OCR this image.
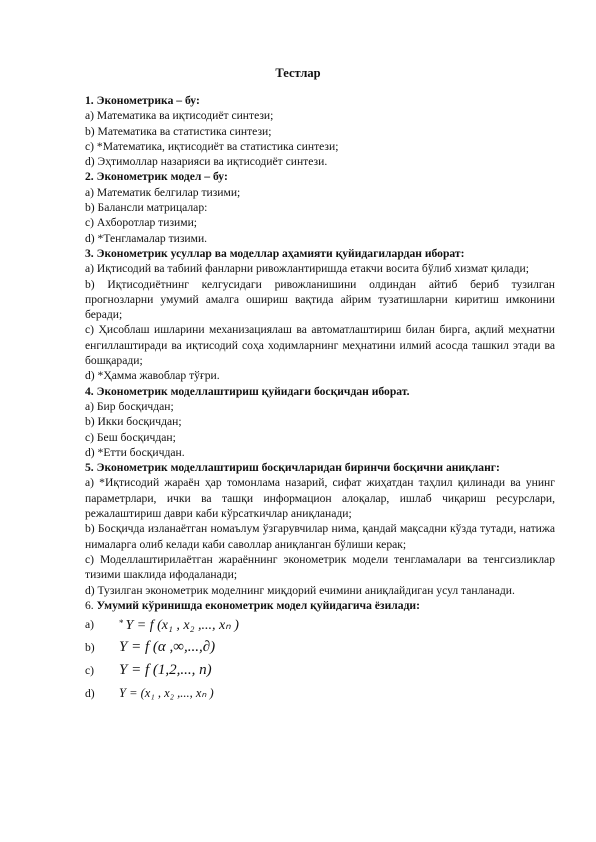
Тестлар
1. Эконометрика – бу:
a) Математика ва иқтисодиёт синтези;
b) Математика ва статистика синтези;
c) *Математика, иқтисодиёт ва статистика синтези;
d) Эҳтимоллар назарияси ва иқтисодиёт синтези.
2. Эконометрик модел – бу:
a) Математик белгилар тизими;
b) Балансли матрицалар:
c) Ахборотлар тизими;
d) *Тенгламалар тизими.
3. Эконометрик усуллар ва моделлар аҳамияти қуйидагилардан иборат:
a) Иқтисодий ва табиий фанларни ривожлантиришда етакчи восита бўлиб хизмат қилади;
b) Иқтисодиётнинг келгусидаги ривожланишини олдиндан айтиб бериб тузилган прогнозларни умумий амалга ошириш вақтида айрим тузатишларни киритиш имконини беради;
c) Ҳисоблаш ишларини механизациялаш ва автоматлаштириш билан бирга, ақлий меҳнатни енгиллаштиради ва иқтисодий соҳа ходимларнинг меҳнатини илмий асосда ташкил этади ва бошқаради;
d) *Ҳамма жавоблар тўғри.
4. Эконометрик моделлаштириш қуйидаги босқичдан иборат.
a) Бир босқичдан;
b) Икки босқичдан;
c) Беш босқичдан;
d) *Етти босқичдан.
5. Эконометрик моделлаштириш босқичларидан биринчи босқични аниқланг:
a) *Иқтисодий жараён ҳар томонлама назарий, сифат жиҳатдан таҳлил қилинади ва унинг параметрлари, ички ва ташқи информацион алоқалар, ишлаб чиқариш ресурслари, режалаштириш даври каби кўрсаткичлар аниқланади;
b) Босқичда изланаётган номаълум ўзгарувчилар нима, қандай мақсадни кўзда тутади, натижа нималарга олиб келади каби саволлар аниқланган бўлиши керак;
c) Моделлаштирилаётган жараённинг эконометрик модели тенгламалари ва тенгсизликлар тизими шаклида ифодаланади;
d) Тузилган эконометрик моделнинг миқдорий ечимини аниқлайдиган усул танланади.
6. Умумий кўринишда економетрик модел қуйидагича ёзилади:
a)	* Y = f (x₁ , x₂ ,..., xₙ )
b)	Y = f (α ,∞,...,∂)
c)	Y = f (1,2,..., n)
d)	Y = (x₁ , x₂ ,..., xₙ )
